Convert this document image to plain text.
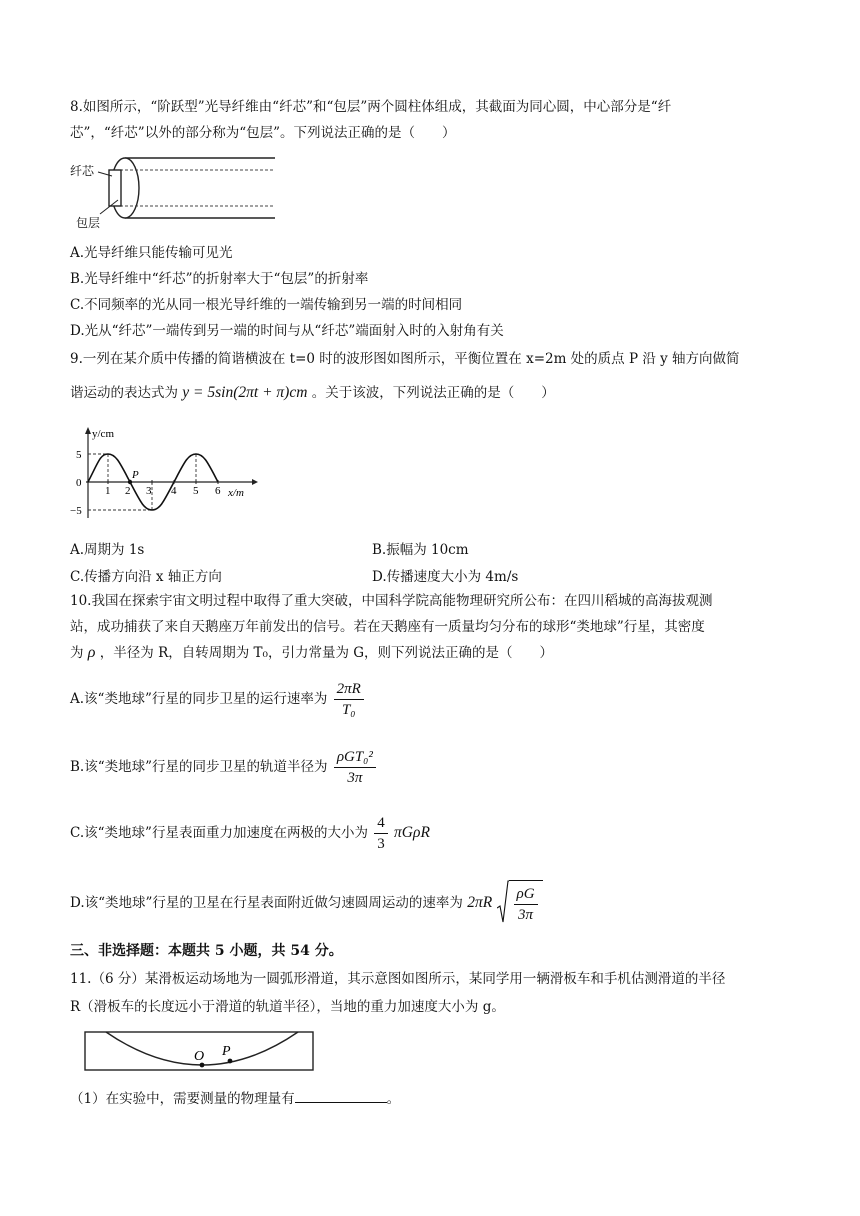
8.如图所示，“阶跃型”光导纤维由“纤芯”和“包层”两个圆柱体组成，其截面为同心圆，中心部分是“纤
芯”，“纤芯”以外的部分称为“包层”。下列说法正确的是（　　）
纤芯
包层
A.光导纤维只能传输可见光
B.光导纤维中“纤芯”的折射率大于“包层”的折射率
C.不同频率的光从同一根光导纤维的一端传输到另一端的时间相同
D.光从“纤芯”一端传到另一端的时间与从“纤芯”端面射入时的入射角有关
9.一列在某介质中传播的简谐横波在 t=0 时的波形图如图所示，平衡位置在 x=2m 处的质点 P 沿 y 轴方向做简
谐运动的表达式为 y = 5sin(2πt + π)cm 。关于该波，下列说法正确的是（　　）
y/cm
x/m
5
0
−5
1 2 3 4 5 6
P
A.周期为 1s	B.振幅为 10cm
C.传播方向沿 x 轴正方向	D.传播速度大小为 4m/s
10.我国在探索宇宙文明过程中取得了重大突破，中国科学院高能物理研究所公布：在四川稻城的高海拔观测
站，成功捕获了来自天鹅座万年前发出的信号。若在天鹅座有一质量均匀分布的球形“类地球”行星，其密度
为 ρ ，半径为 R，自转周期为 T₀，引力常量为 G，则下列说法正确的是（　　）
A.该“类地球”行星的同步卫星的运行速率为 $\frac{2\pi R}{\text{T₀}}$
B.该“类地球”行星的同步卫星的轨道半径为 $\frac{\text{ρGT₀²}}{3\pi}$
C.该“类地球”行星表面重力加速度在两极的大小为 $\frac{4}{3}$ πGρR
D.该“类地球”行星的卫星在行星表面附近做匀速圆周运动的速率为 $2\pi R \frac{\rho G}{3\pi}$
三、非选择题：本题共 5 小题，共 54 分。
11.（6 分）某滑板运动场地为一圆弧形滑道，其示意图如图所示，某同学用一辆滑板车和手机估测滑道的半径
R（滑板车的长度远小于滑道的轨道半径），当地的重力加速度大小为 g。
O P
（1）在实验中，需要测量的物理量有	。
